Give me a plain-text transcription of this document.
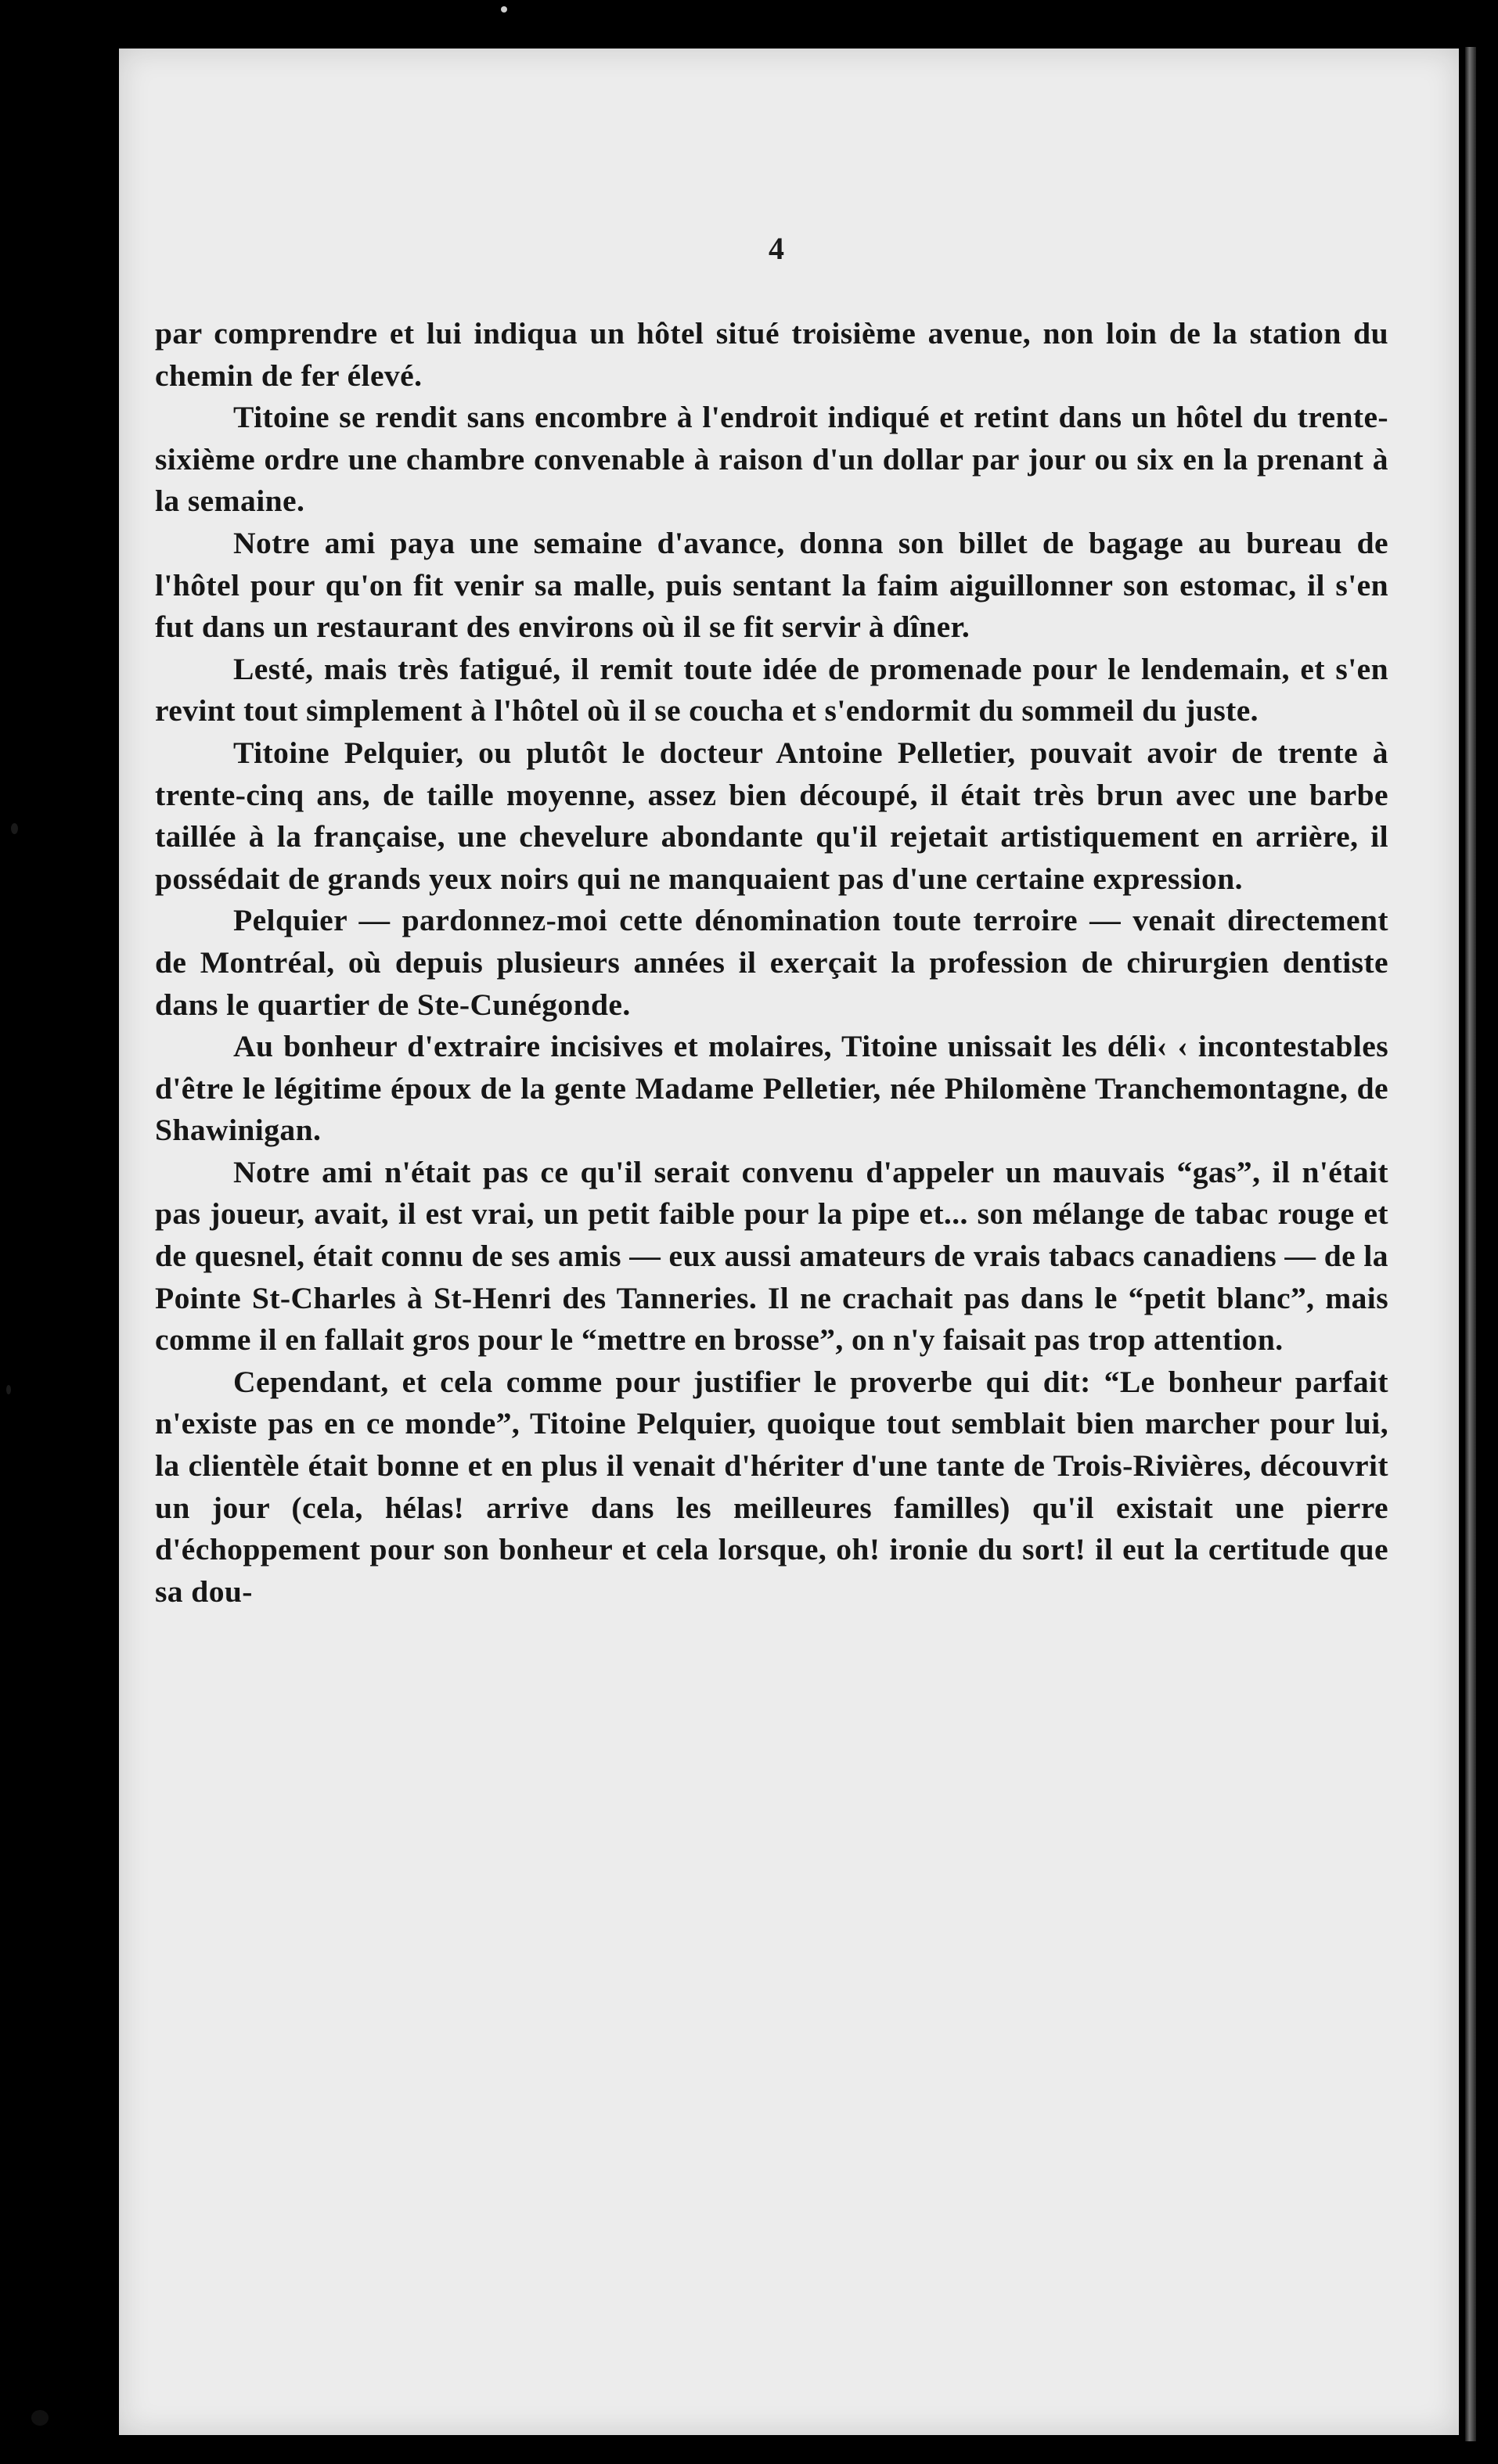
4

par comprendre et lui indiqua un hôtel situé troisième avenue, non loin de la station du chemin de fer élevé.

Titoine se rendit sans encombre à l'endroit indiqué et retint dans un hôtel du trente-sixième ordre une chambre convenable à raison d'un dollar par jour ou six en la prenant à la semaine.

Notre ami paya une semaine d'avance, donna son billet de bagage au bureau de l'hôtel pour qu'on fit venir sa malle, puis sentant la faim aiguillonner son estomac, il s'en fut dans un restaurant des environs où il se fit servir à dîner.

Lesté, mais très fatigué, il remit toute idée de promenade pour le lendemain, et s'en revint tout simplement à l'hôtel où il se coucha et s'endormit du sommeil du juste.

Titoine Pelquier, ou plutôt le docteur Antoine Pelletier, pouvait avoir de trente à trente-cinq ans, de taille moyenne, assez bien découpé, il était très brun avec une barbe taillée à la française, une chevelure abondante qu'il rejetait artistiquement en arrière, il possédait de grands yeux noirs qui ne manquaient pas d'une certaine expression.

Pelquier — pardonnez-moi cette dénomination toute terroire — venait directement de Montréal, où depuis plusieurs années il exerçait la profession de chirurgien dentiste dans le quartier de Ste-Cunégonde.

Au bonheur d'extraire incisives et molaires, Titoine unissait les déli‹ ‹ incontestables d'être le légitime époux de la gente Madame Pelletier, née Philomène Tranchemontagne, de Shawinigan.

Notre ami n'était pas ce qu'il serait convenu d'appeler un mauvais “gas”, il n'était pas joueur, avait, il est vrai, un petit faible pour la pipe et... son mélange de tabac rouge et de quesnel, était connu de ses amis — eux aussi amateurs de vrais tabacs canadiens — de la Pointe St-Charles à St-Henri des Tanneries. Il ne crachait pas dans le “petit blanc”, mais comme il en fallait gros pour le “mettre en brosse”, on n'y faisait pas trop attention.

Cependant, et cela comme pour justifier le proverbe qui dit: “Le bonheur parfait n'existe pas en ce monde”, Titoine Pelquier, quoique tout semblait bien marcher pour lui, la clientèle était bonne et en plus il venait d'hériter d'une tante de Trois-Rivières, découvrit un jour (cela, hélas! arrive dans les meilleures familles) qu'il existait une pierre d'échoppement pour son bonheur et cela lorsque, oh! ironie du sort! il eut la certitude que sa dou-
